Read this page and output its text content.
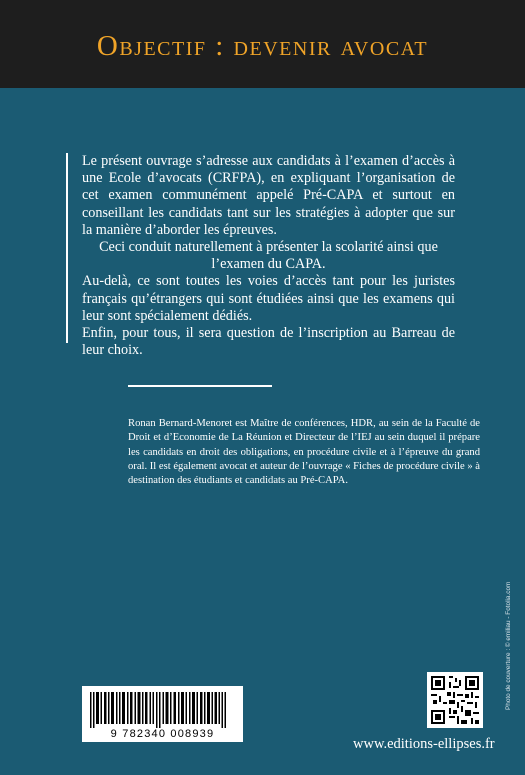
Objectif : devenir avocat

Le présent ouvrage s’adresse aux candidats à l’examen d’accès à une Ecole d’avocats (CRFPA), en expliquant l’organisation de cet examen communément appelé Pré-CAPA et surtout en conseillant les candidats tant sur les stratégies à adopter que sur la manière d’aborder les épreuves.

Ceci conduit naturellement à présenter la scolarité ainsi que l’examen du CAPA.

Au-delà, ce sont toutes les voies d’accès tant pour les juristes français qu’étrangers qui sont étudiées ainsi que les examens qui leur sont spécialement dédiés.

Enfin, pour tous, il sera question de l’inscription au Barreau de leur choix.

Ronan Bernard-Menoret est Maître de conférences, HDR, au sein de la Faculté de Droit et d’Economie de La Réunion et Directeur de l’IEJ au sein duquel il prépare les candidats en droit des obligations, en procédure civile et à l’épreuve du grand oral. Il est également avocat et auteur de l’ouvrage « Fiches de procédure civile » à destination des étudiants et candidats au Pré-CAPA.
Photo de couverture : © emiliau - Fotolia.com
9 782340 008939
www.editions-ellipses.fr
